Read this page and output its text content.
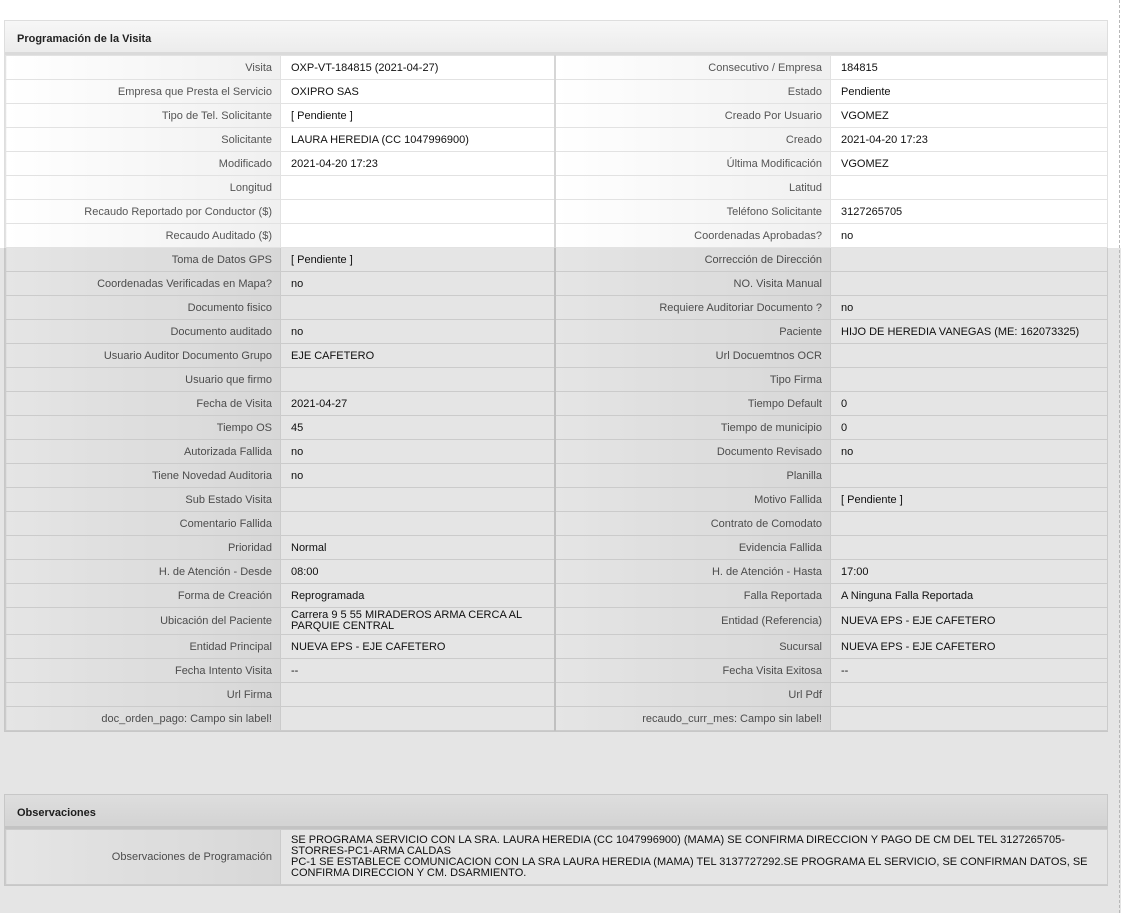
Programación de la Visita
Visita	OXP-VT-184815 (2021-04-27)	Consecutivo / Empresa	184815
Empresa que Presta el Servicio	OXIPRO SAS	Estado	Pendiente
Tipo de Tel. Solicitante	[ Pendiente ]	Creado Por Usuario	VGOMEZ
Solicitante	LAURA HEREDIA (CC 1047996900)	Creado	2021-04-20 17:23
Modificado	2021-04-20 17:23	Última Modificación	VGOMEZ
Longitud		Latitud	
Recaudo Reportado por Conductor ($)		Teléfono Solicitante	3127265705
Recaudo Auditado ($)		Coordenadas Aprobadas?	no
Toma de Datos GPS	[ Pendiente ]	Corrección de Dirección	
Coordenadas Verificadas en Mapa?	no	NO. Visita Manual	
Documento fisico		Requiere Auditoriar Documento ?	no
Documento auditado	no	Paciente	HIJO DE HEREDIA VANEGAS (ME: 162073325)
Usuario Auditor Documento Grupo	EJE CAFETERO	Url Docuemtnos OCR	
Usuario que firmo		Tipo Firma	
Fecha de Visita	2021-04-27	Tiempo Default	0
Tiempo OS	45	Tiempo de municipio	0
Autorizada Fallida	no	Documento Revisado	no
Tiene Novedad Auditoria	no	Planilla	
Sub Estado Visita		Motivo Fallida	[ Pendiente ]
Comentario Fallida		Contrato de Comodato	
Prioridad	Normal	Evidencia Fallida	
H. de Atención - Desde	08:00	H. de Atención - Hasta	17:00
Forma de Creación	Reprogramada	Falla Reportada	A Ninguna Falla Reportada
Ubicación del Paciente	Carrera 9 5 55 MIRADEROS ARMA CERCA AL PARQUIE CENTRAL	Entidad (Referencia)	NUEVA EPS - EJE CAFETERO
Entidad Principal	NUEVA EPS - EJE CAFETERO	Sucursal	NUEVA EPS - EJE CAFETERO
Fecha Intento Visita	--	Fecha Visita Exitosa	--
Url Firma		Url Pdf	
doc_orden_pago: Campo sin label!		recaudo_curr_mes: Campo sin label!	
Observaciones
Observaciones de Programación	
SE PROGRAMA SERVICIO CON LA SRA. LAURA HEREDIA (CC 1047996900) (MAMA) SE CONFIRMA DIRECCION Y PAGO DE CM DEL TEL 3127265705-STORRES-PC1-ARMA CALDAS
PC-1 SE ESTABLECE COMUNICACION CON LA SRA LAURA HEREDIA (MAMA) TEL 3137727292.SE PROGRAMA EL SERVICIO, SE CONFIRMAN DATOS, SE CONFIRMA DIRECCION Y CM. DSARMIENTO.
